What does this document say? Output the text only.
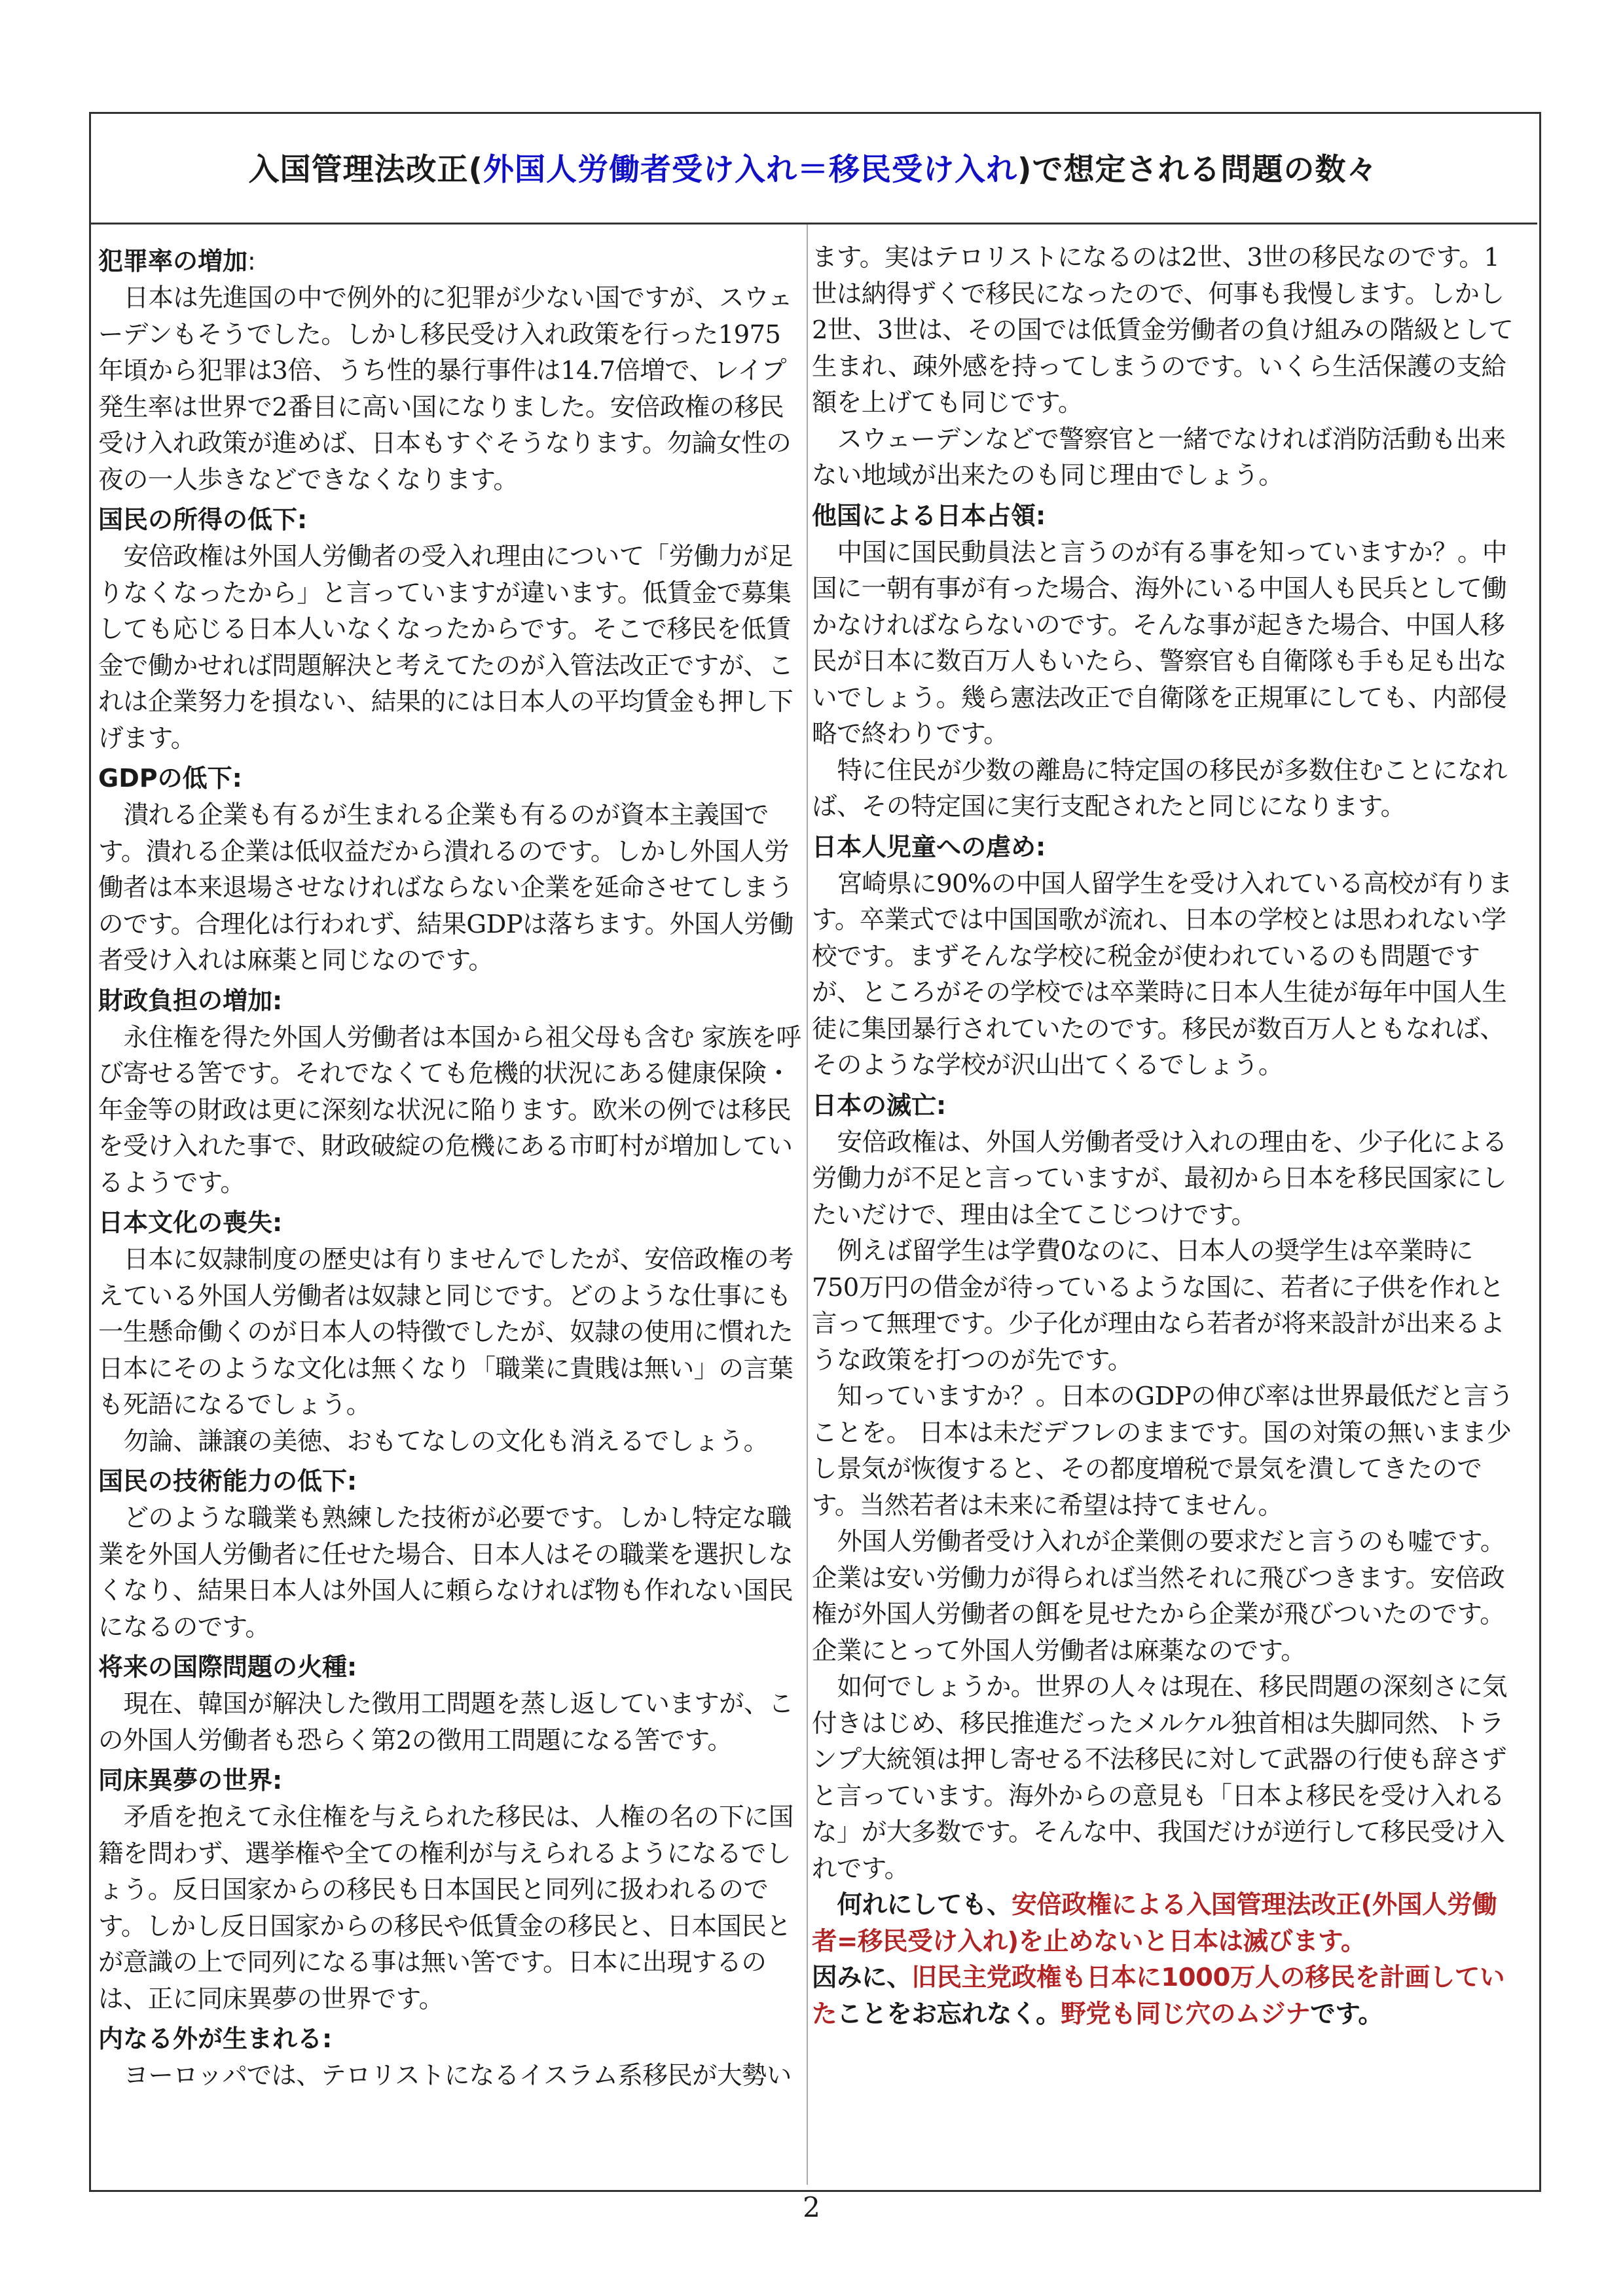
入国管理法改正( 外国人労働者受け入れ＝移民受け入れ )で想定される問題の数々
犯罪率の増加:

日本は先進国の中で例外的に犯罪が少ない国ですが、スウェーデンもそうでした。しかし移民受け入れ政策を行った1975年頃から犯罪は3倍、うち性的暴行事件は14.7倍増で、レイプ発生率は世界で2番目に高い国になりました。安倍政権の移民受け入れ政策が進めば、日本もすぐそうなります。勿論女性の夜の一人歩きなどできなくなります。

国民の所得の低下:

安倍政権は外国人労働者の受入れ理由について「労働力が足りなくなったから」と言っていますが違います。低賃金で募集しても応じる日本人いなくなったからです。そこで移民を低賃金で働かせれば問題解決と考えてたのが入管法改正ですが、これは企業努力を損ない、結果的には日本人の平均賃金も押し下げます。

GDPの低下:

潰れる企業も有るが生まれる企業も有るのが資本主義国です。潰れる企業は低収益だから潰れるのです。しかし外国人労働者は本来退場させなければならない企業を延命させてしまうのです。合理化は行われず、結果GDPは落ちます。外国人労働者受け入れは麻薬と同じなのです。

財政負担の増加:

永住権を得た外国人労働者は本国から祖父母も含む 家族を呼び寄せる筈です。それでなくても危機的状況にある健康保険・年金等の財政は更に深刻な状況に陥ります。欧米の例では移民を受け入れた事で、財政破綻の危機にある市町村が増加しているようです。

日本文化の喪失:

日本に奴隷制度の歴史は有りませんでしたが、安倍政権の考えている外国人労働者は奴隷と同じです。どのような仕事にも一生懸命働くのが日本人の特徴でしたが、奴隷の使用に慣れた日本にそのような文化は無くなり「職業に貴賎は無い」の言葉も死語になるでしょう。

勿論、謙譲の美徳、おもてなしの文化も消えるでしょう。

国民の技術能力の低下:

どのような職業も熟練した技術が必要です。しかし特定な職業を外国人労働者に任せた場合、日本人はその職業を選択しなくなり、結果日本人は外国人に頼らなければ物も作れない国民になるのです。

将来の国際問題の火種:

現在、韓国が解決した徴用工問題を蒸し返していますが、この外国人労働者も恐らく第2の徴用工問題になる筈です。

同床異夢の世界:

矛盾を抱えて永住権を与えられた移民は、人権の名の下に国籍を問わず、選挙権や全ての権利が与えられるようになるでしょう。反日国家からの移民も日本国民と同列に扱われるのです。しかし反日国家からの移民や低賃金の移民と、日本国民とが意識の上で同列になる事は無い筈です。日本に出現するのは、正に同床異夢の世界です。

内なる外が生まれる:

ヨーロッパでは、テロリストになるイスラム系移民が大勢い

ます。実はテロリストになるのは2世、3世の移民なのです。1世は納得ずくで移民になったので、何事も我慢します。しかし2世、3世は、その国では低賃金労働者の負け組みの階級として生まれ、疎外感を持ってしまうのです。いくら生活保護の支給額を上げても同じです。

スウェーデンなどで警察官と一緒でなければ消防活動も出来ない地域が出来たのも同じ理由でしょう。

他国による日本占領:

中国に国民動員法と言うのが有る事を知っていますか？。中国に一朝有事が有った場合、海外にいる中国人も民兵として働かなければならないのです。そんな事が起きた場合、中国人移民が日本に数百万人もいたら、警察官も自衛隊も手も足も出ないでしょう。幾ら憲法改正で自衛隊を正規軍にしても、内部侵略で終わりです。

特に住民が少数の離島に特定国の移民が多数住むことになれば、その特定国に実行支配されたと同じになります。

日本人児童への虐め:

宮崎県に90%の中国人留学生を受け入れている高校が有ります。卒業式では中国国歌が流れ、日本の学校とは思われない学校です。まずそんな学校に税金が使われているのも問題ですが、ところがその学校では卒業時に日本人生徒が毎年中国人生徒に集団暴行されていたのです。移民が数百万人ともなれば、そのような学校が沢山出てくるでしょう。

日本の滅亡:

安倍政権は、外国人労働者受け入れの理由を、少子化による労働力が不足と言っていますが、最初から日本を移民国家にしたいだけで、理由は全てこじつけです。

例えば留学生は学費0なのに、日本人の奨学生は卒業時に750万円の借金が待っているような国に、若者に子供を作れと言って無理です。少子化が理由なら若者が将来設計が出来るような政策を打つのが先です。

知っていますか？。日本のGDPの伸び率は世界最低だと言うことを。 日本は未だデフレのままです。国の対策の無いまま少し景気が恢復すると、その都度増税で景気を潰してきたのです。当然若者は未来に希望は持てません。

外国人労働者受け入れが企業側の要求だと言うのも嘘です。企業は安い労働力が得られば当然それに飛びつきます。安倍政権が外国人労働者の餌を見せたから企業が飛びついたのです。企業にとって外国人労働者は麻薬なのです。

如何でしょうか。世界の人々は現在、移民問題の深刻さに気付きはじめ、移民推進だったメルケル独首相は失脚同然、トランプ大統領は押し寄せる不法移民に対して武器の行使も辞さずと言っています。海外からの意見も「日本よ移民を受け入れるな」が大多数です。そんな中、我国だけが逆行して移民受け入れです。

何れにしても、安倍政権による入国管理法改正(外国人労働者=移民受け入れ)を止めないと日本は滅びます。

因みに、旧民主党政権も日本に1000万人の移民を計画していたことをお忘れなく。野党も同じ穴のムジナです。

2
